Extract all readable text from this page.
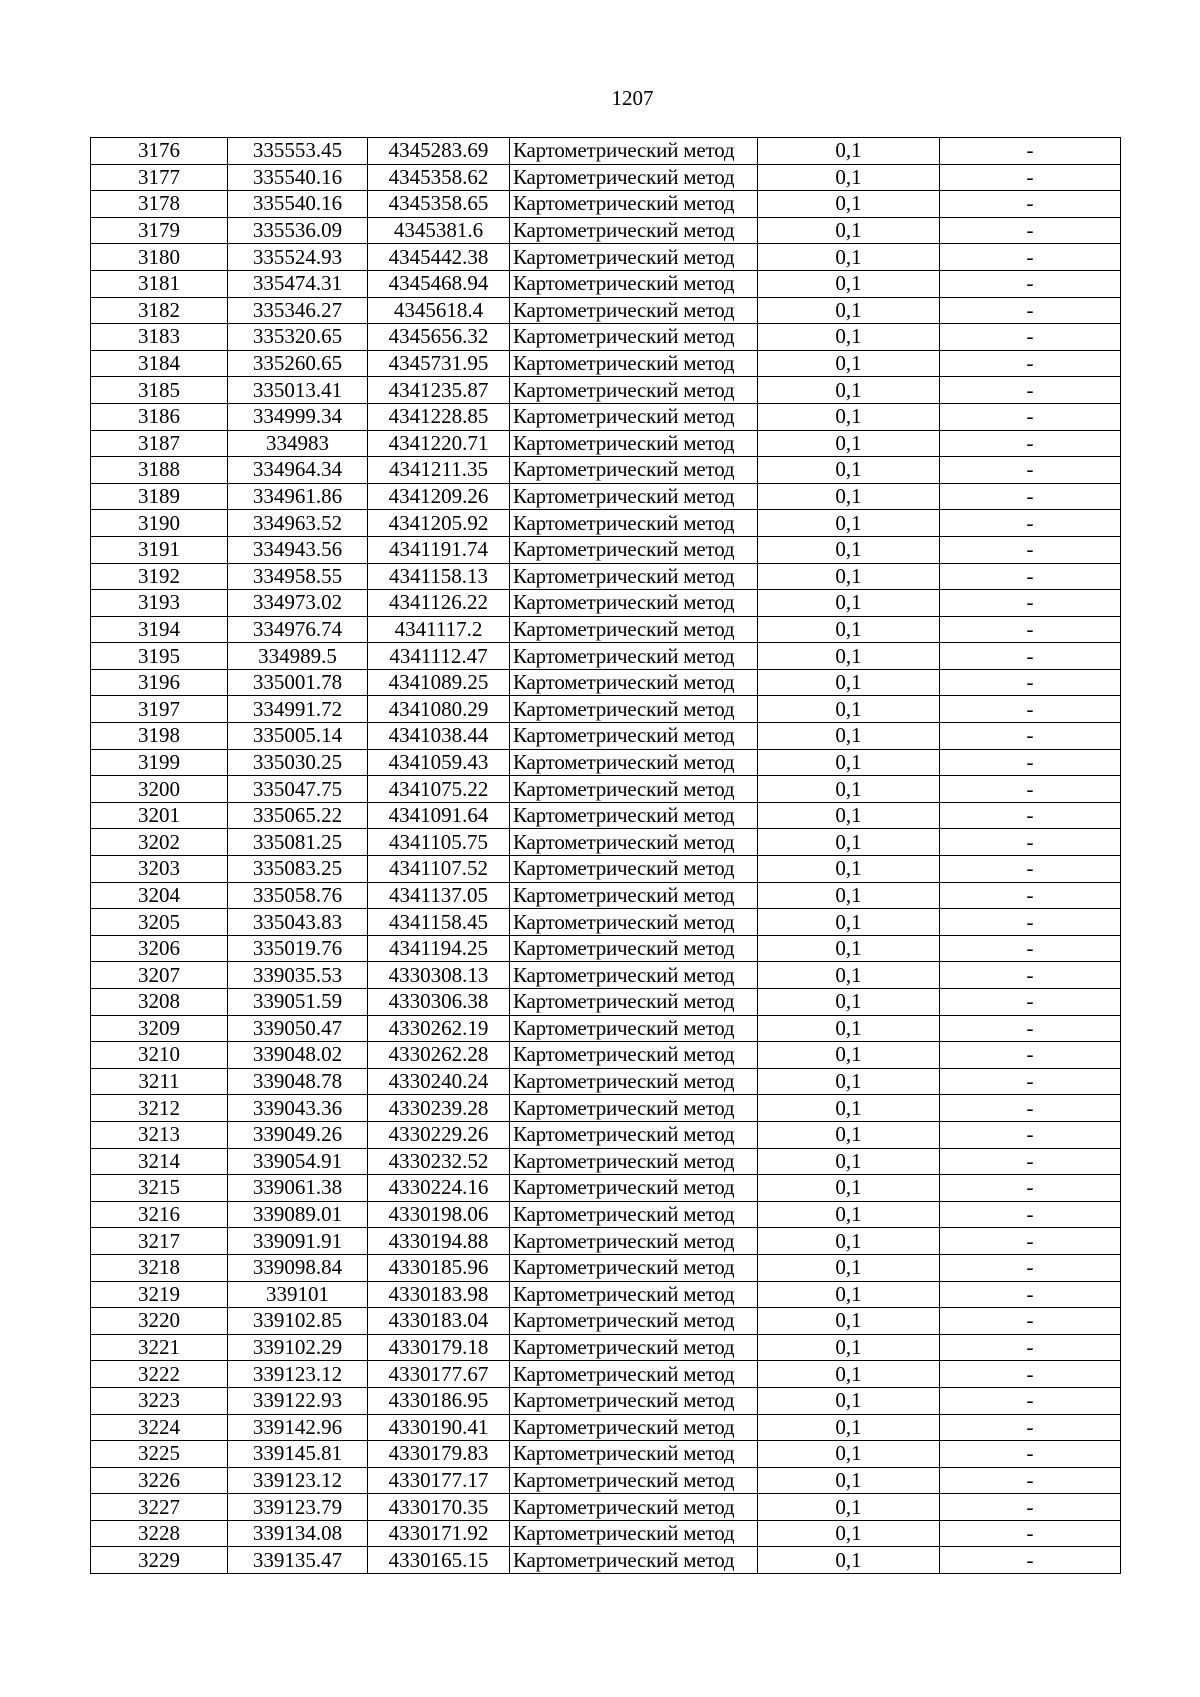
1207
3176	335553.45	4345283.69	Картометрический метод	0,1	-
3177	335540.16	4345358.62	Картометрический метод	0,1	-
3178	335540.16	4345358.65	Картометрический метод	0,1	-
3179	335536.09	4345381.6	Картометрический метод	0,1	-
3180	335524.93	4345442.38	Картометрический метод	0,1	-
3181	335474.31	4345468.94	Картометрический метод	0,1	-
3182	335346.27	4345618.4	Картометрический метод	0,1	-
3183	335320.65	4345656.32	Картометрический метод	0,1	-
3184	335260.65	4345731.95	Картометрический метод	0,1	-
3185	335013.41	4341235.87	Картометрический метод	0,1	-
3186	334999.34	4341228.85	Картометрический метод	0,1	-
3187	334983	4341220.71	Картометрический метод	0,1	-
3188	334964.34	4341211.35	Картометрический метод	0,1	-
3189	334961.86	4341209.26	Картометрический метод	0,1	-
3190	334963.52	4341205.92	Картометрический метод	0,1	-
3191	334943.56	4341191.74	Картометрический метод	0,1	-
3192	334958.55	4341158.13	Картометрический метод	0,1	-
3193	334973.02	4341126.22	Картометрический метод	0,1	-
3194	334976.74	4341117.2	Картометрический метод	0,1	-
3195	334989.5	4341112.47	Картометрический метод	0,1	-
3196	335001.78	4341089.25	Картометрический метод	0,1	-
3197	334991.72	4341080.29	Картометрический метод	0,1	-
3198	335005.14	4341038.44	Картометрический метод	0,1	-
3199	335030.25	4341059.43	Картометрический метод	0,1	-
3200	335047.75	4341075.22	Картометрический метод	0,1	-
3201	335065.22	4341091.64	Картометрический метод	0,1	-
3202	335081.25	4341105.75	Картометрический метод	0,1	-
3203	335083.25	4341107.52	Картометрический метод	0,1	-
3204	335058.76	4341137.05	Картометрический метод	0,1	-
3205	335043.83	4341158.45	Картометрический метод	0,1	-
3206	335019.76	4341194.25	Картометрический метод	0,1	-
3207	339035.53	4330308.13	Картометрический метод	0,1	-
3208	339051.59	4330306.38	Картометрический метод	0,1	-
3209	339050.47	4330262.19	Картометрический метод	0,1	-
3210	339048.02	4330262.28	Картометрический метод	0,1	-
3211	339048.78	4330240.24	Картометрический метод	0,1	-
3212	339043.36	4330239.28	Картометрический метод	0,1	-
3213	339049.26	4330229.26	Картометрический метод	0,1	-
3214	339054.91	4330232.52	Картометрический метод	0,1	-
3215	339061.38	4330224.16	Картометрический метод	0,1	-
3216	339089.01	4330198.06	Картометрический метод	0,1	-
3217	339091.91	4330194.88	Картометрический метод	0,1	-
3218	339098.84	4330185.96	Картометрический метод	0,1	-
3219	339101	4330183.98	Картометрический метод	0,1	-
3220	339102.85	4330183.04	Картометрический метод	0,1	-
3221	339102.29	4330179.18	Картометрический метод	0,1	-
3222	339123.12	4330177.67	Картометрический метод	0,1	-
3223	339122.93	4330186.95	Картометрический метод	0,1	-
3224	339142.96	4330190.41	Картометрический метод	0,1	-
3225	339145.81	4330179.83	Картометрический метод	0,1	-
3226	339123.12	4330177.17	Картометрический метод	0,1	-
3227	339123.79	4330170.35	Картометрический метод	0,1	-
3228	339134.08	4330171.92	Картометрический метод	0,1	-
3229	339135.47	4330165.15	Картометрический метод	0,1	-
